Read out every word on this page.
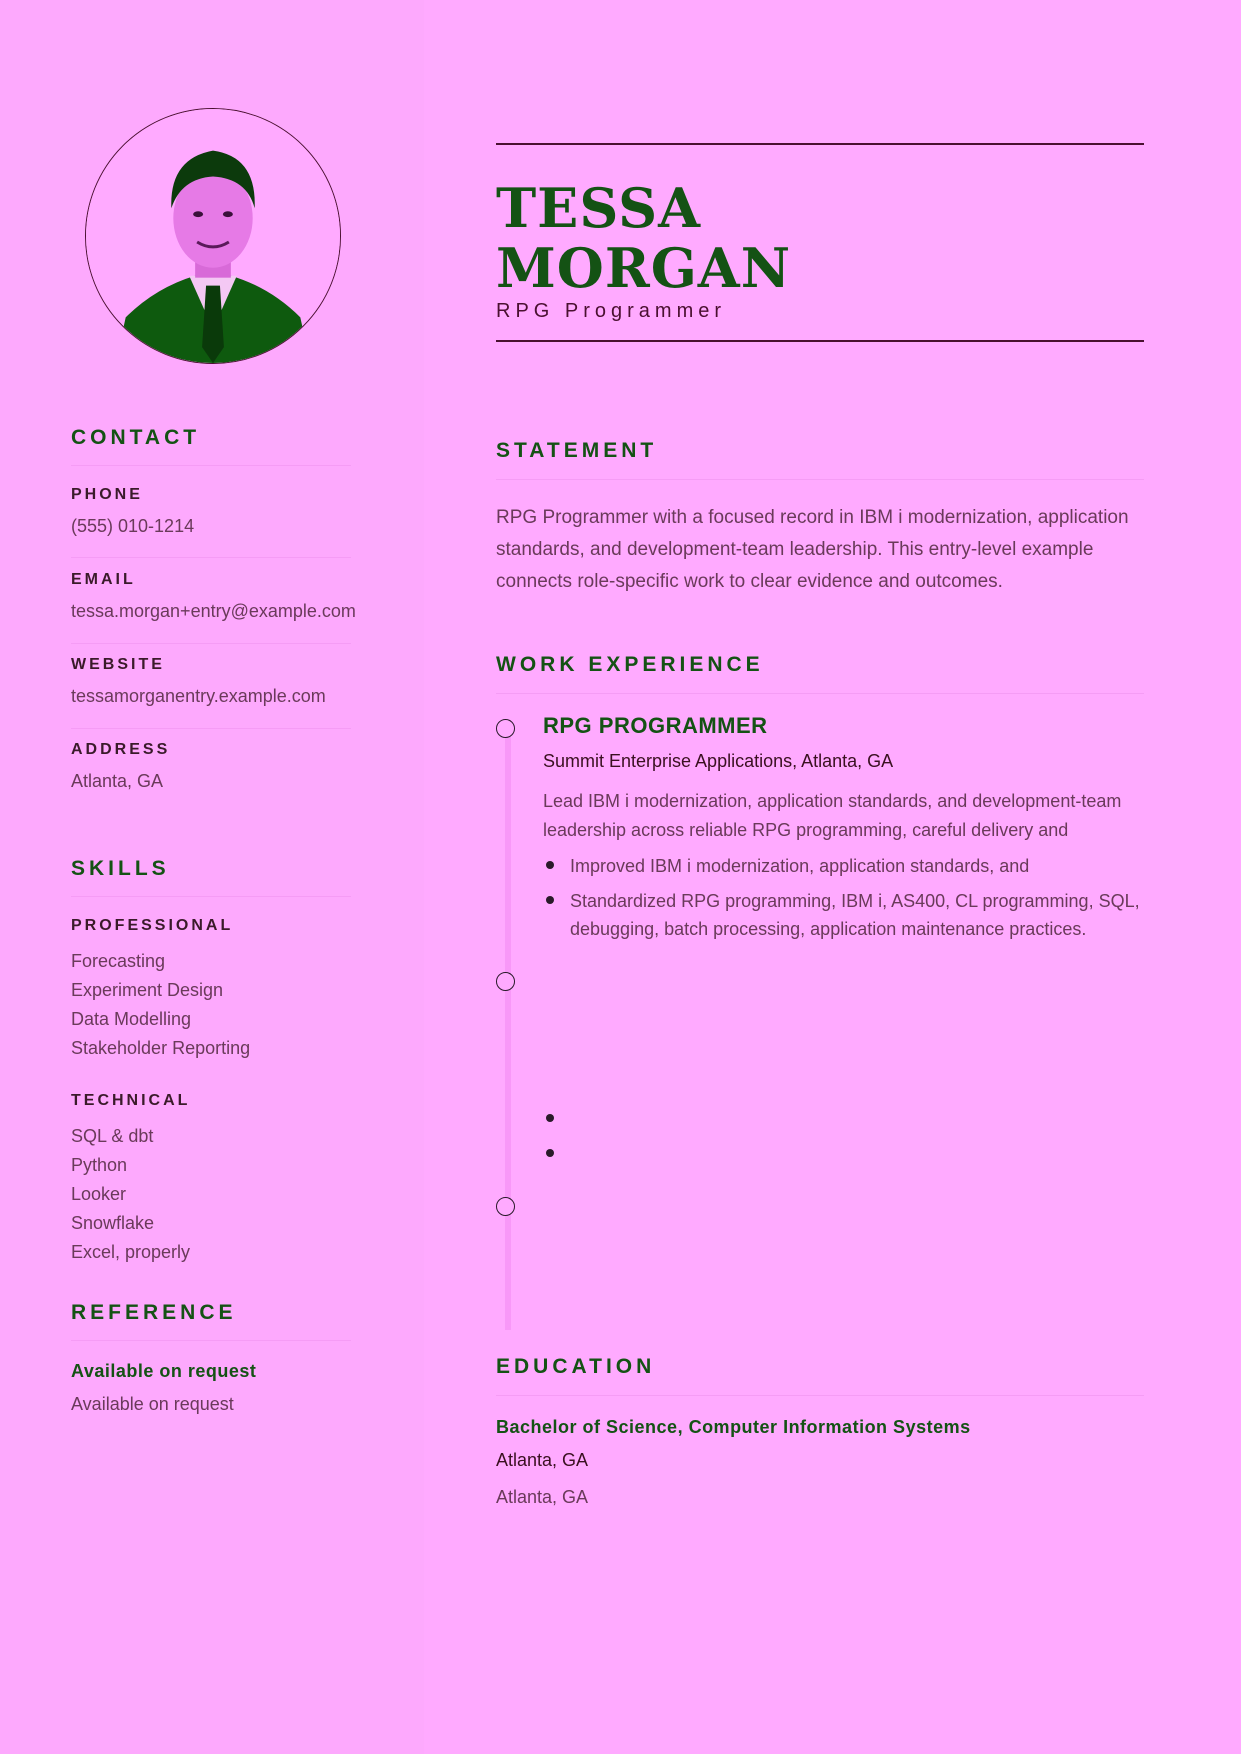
TESSA
MORGAN
RPG Programmer
CONTACT
PHONE
(555) 010-1214
EMAIL
tessa.morgan+entry@example.com
WEBSITE
tessamorganentry.example.com
ADDRESS
Atlanta, GA
SKILLS
PROFESSIONAL
Forecasting
Experiment Design
Data Modelling
Stakeholder Reporting
TECHNICAL
SQL & dbt
Python
Looker
Snowflake
Excel, properly
REFERENCE
Available on request
Available on request
STATEMENT
RPG Programmer with a focused record in IBM i modernization, application standards, and development-team leadership. This entry-level example connects role-specific work to clear evidence and outcomes.
WORK EXPERIENCE
RPG PROGRAMMER
Summit Enterprise Applications, Atlanta, GA
Lead IBM i modernization, application standards, and development-team leadership across reliable RPG programming, careful delivery and
Improved IBM i modernization, application standards, and
Standardized RPG programming, IBM i, AS400, CL programming, SQL, debugging, batch processing, application maintenance practices.
EDUCATION
Bachelor of Science, Computer Information Systems
Atlanta, GA
Atlanta, GA
